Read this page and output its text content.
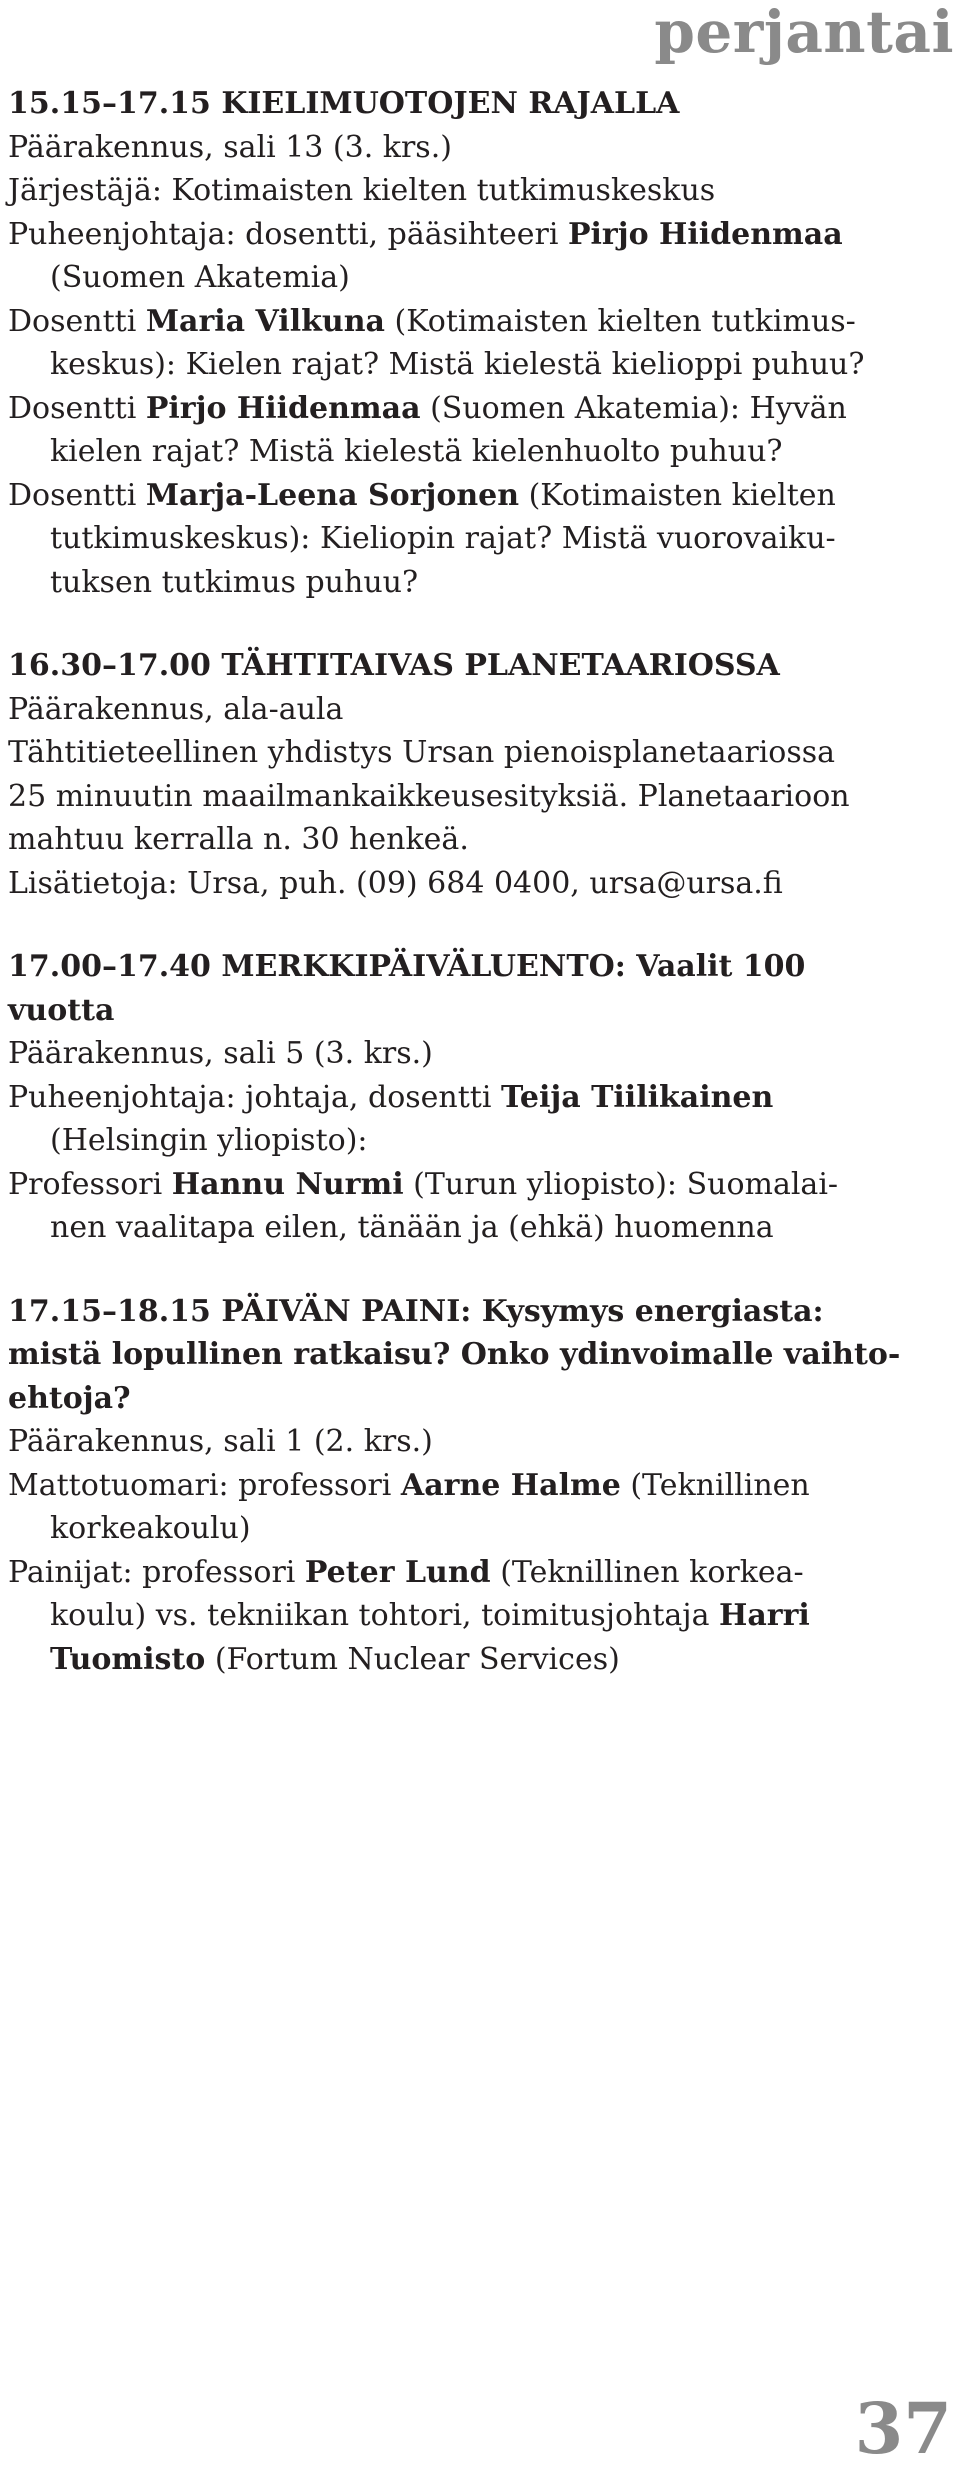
perjantai
15.15–17.15 KIELIMUOTOJEN RAJALLA
Päärakennus, sali 13 (3. krs.)
Järjestäjä: Kotimaisten kielten tutkimuskeskus
Puheenjohtaja: dosentti, pääsihteeri Pirjo Hiidenmaa
(Suomen Akatemia)
Dosentti Maria Vilkuna (Kotimaisten kielten tutkimus-
keskus): Kielen rajat? Mistä kielestä kielioppi puhuu?
Dosentti Pirjo Hiidenmaa (Suomen Akatemia): Hyvän
kielen rajat? Mistä kielestä kielenhuolto puhuu?
Dosentti Marja-Leena Sorjonen (Kotimaisten kielten
tutkimuskeskus): Kieliopin rajat? Mistä vuorovaiku-
tuksen tutkimus puhuu?
16.30–17.00 TÄHTITAIVAS PLANETAARIOSSA
Päärakennus, ala-aula
Tähtitieteellinen yhdistys Ursan pienoisplanetaariossa
25 minuutin maailmankaikkeusesityksiä. Planetaarioon
mahtuu kerralla n. 30 henkeä.
Lisätietoja: Ursa, puh. (09) 684 0400, ursa@ursa.fi
17.00–17.40 MERKKIPÄIVÄLUENTO: Vaalit 100
vuotta
Päärakennus, sali 5 (3. krs.)
Puheenjohtaja: johtaja, dosentti Teija Tiilikainen
(Helsingin yliopisto):
Professori Hannu Nurmi (Turun yliopisto): Suomalai-
nen vaalitapa eilen, tänään ja (ehkä) huomenna
17.15–18.15 PÄIVÄN PAINI: Kysymys energiasta:
mistä lopullinen ratkaisu? Onko ydinvoimalle vaihto-
ehtoja?
Päärakennus, sali 1 (2. krs.)
Mattotuomari: professori Aarne Halme (Teknillinen
korkeakoulu)
Painijat: professori Peter Lund (Teknillinen korkea-
koulu) vs. tekniikan tohtori, toimitusjohtaja Harri
Tuomisto (Fortum Nuclear Services)
37
